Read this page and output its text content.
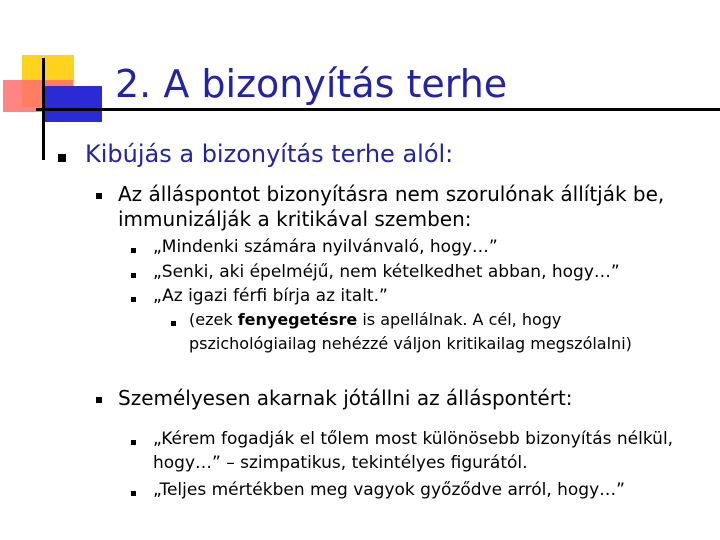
2. A bizonyítás terhe
Kibújás a bizonyítás terhe alól:
Az álláspontot bizonyításra nem szorulónak állítják be,
immunizálják a kritikával szemben:
„Mindenki számára nyilvánvaló, hogy…”
„Senki, aki épelméjű, nem kételkedhet abban, hogy…”
„Az igazi férfi bírja az italt.”
(ezek fenyegetésre is apellálnak. A cél, hogy
pszichológiailag nehézzé váljon kritikailag megszólalni)
Személyesen akarnak jótállni az álláspontért:
„Kérem fogadják el tőlem most különösebb bizonyítás nélkül,
hogy…” – szimpatikus, tekintélyes figurától.
„Teljes mértékben meg vagyok győződve arról, hogy…”
